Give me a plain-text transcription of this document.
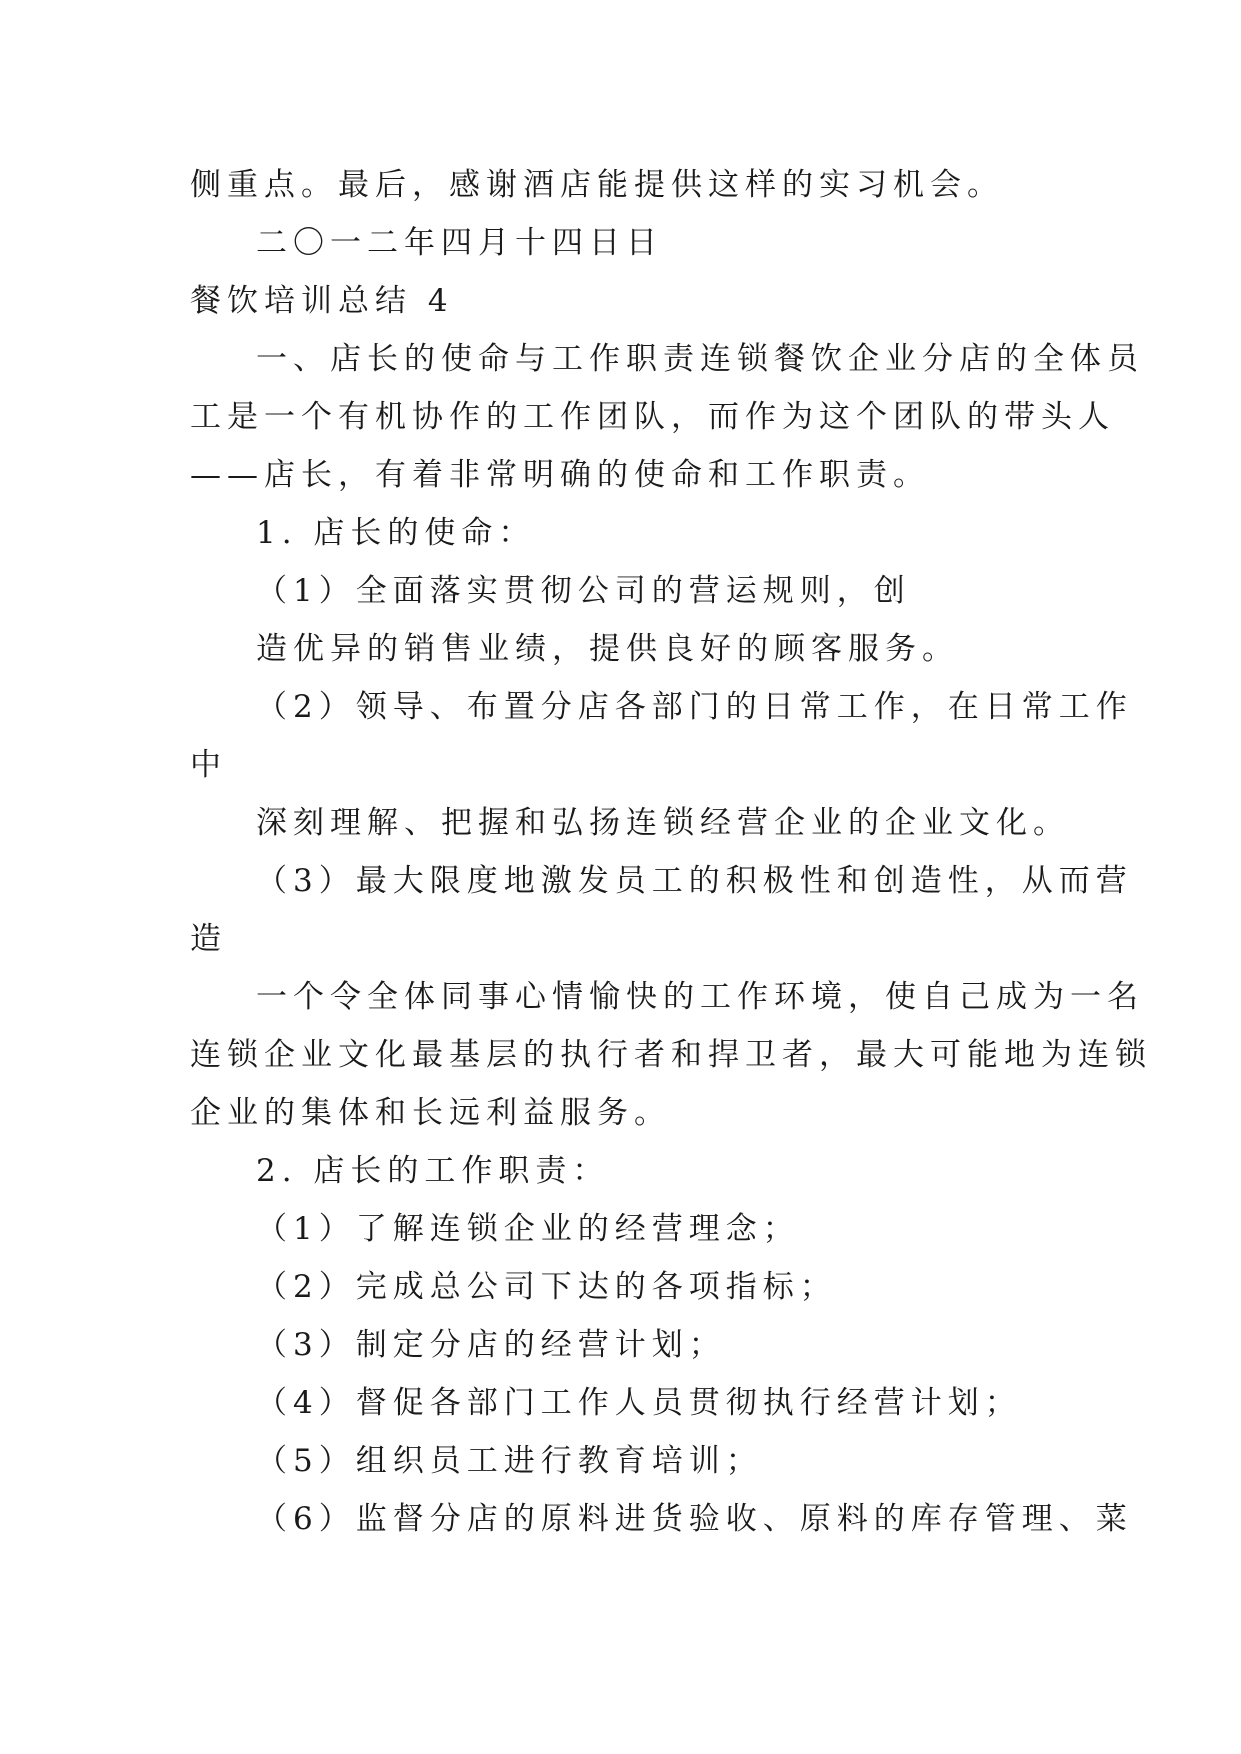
侧重点。最后，感谢酒店能提供这样的实习机会。
二〇一二年四月十四日日
餐饮培训总结 4
一、店长的使命与工作职责连锁餐饮企业分店的全体员
工是一个有机协作的工作团队，而作为这个团队的带头人
——店长，有着非常明确的使命和工作职责。
1. 店长的使命：
（1）全面落实贯彻公司的营运规则，创
造优异的销售业绩，提供良好的顾客服务。
（2）领导、布置分店各部门的日常工作，在日常工作
中
深刻理解、把握和弘扬连锁经营企业的企业文化。
（3）最大限度地激发员工的积极性和创造性，从而营
造
一个令全体同事心情愉快的工作环境，使自己成为一名
连锁企业文化最基层的执行者和捍卫者，最大可能地为连锁
企业的集体和长远利益服务。
2. 店长的工作职责：
（1）了解连锁企业的经营理念；
（2）完成总公司下达的各项指标；
（3）制定分店的经营计划；
（4）督促各部门工作人员贯彻执行经营计划；
（5）组织员工进行教育培训；
（6）监督分店的原料进货验收、原料的库存管理、菜
